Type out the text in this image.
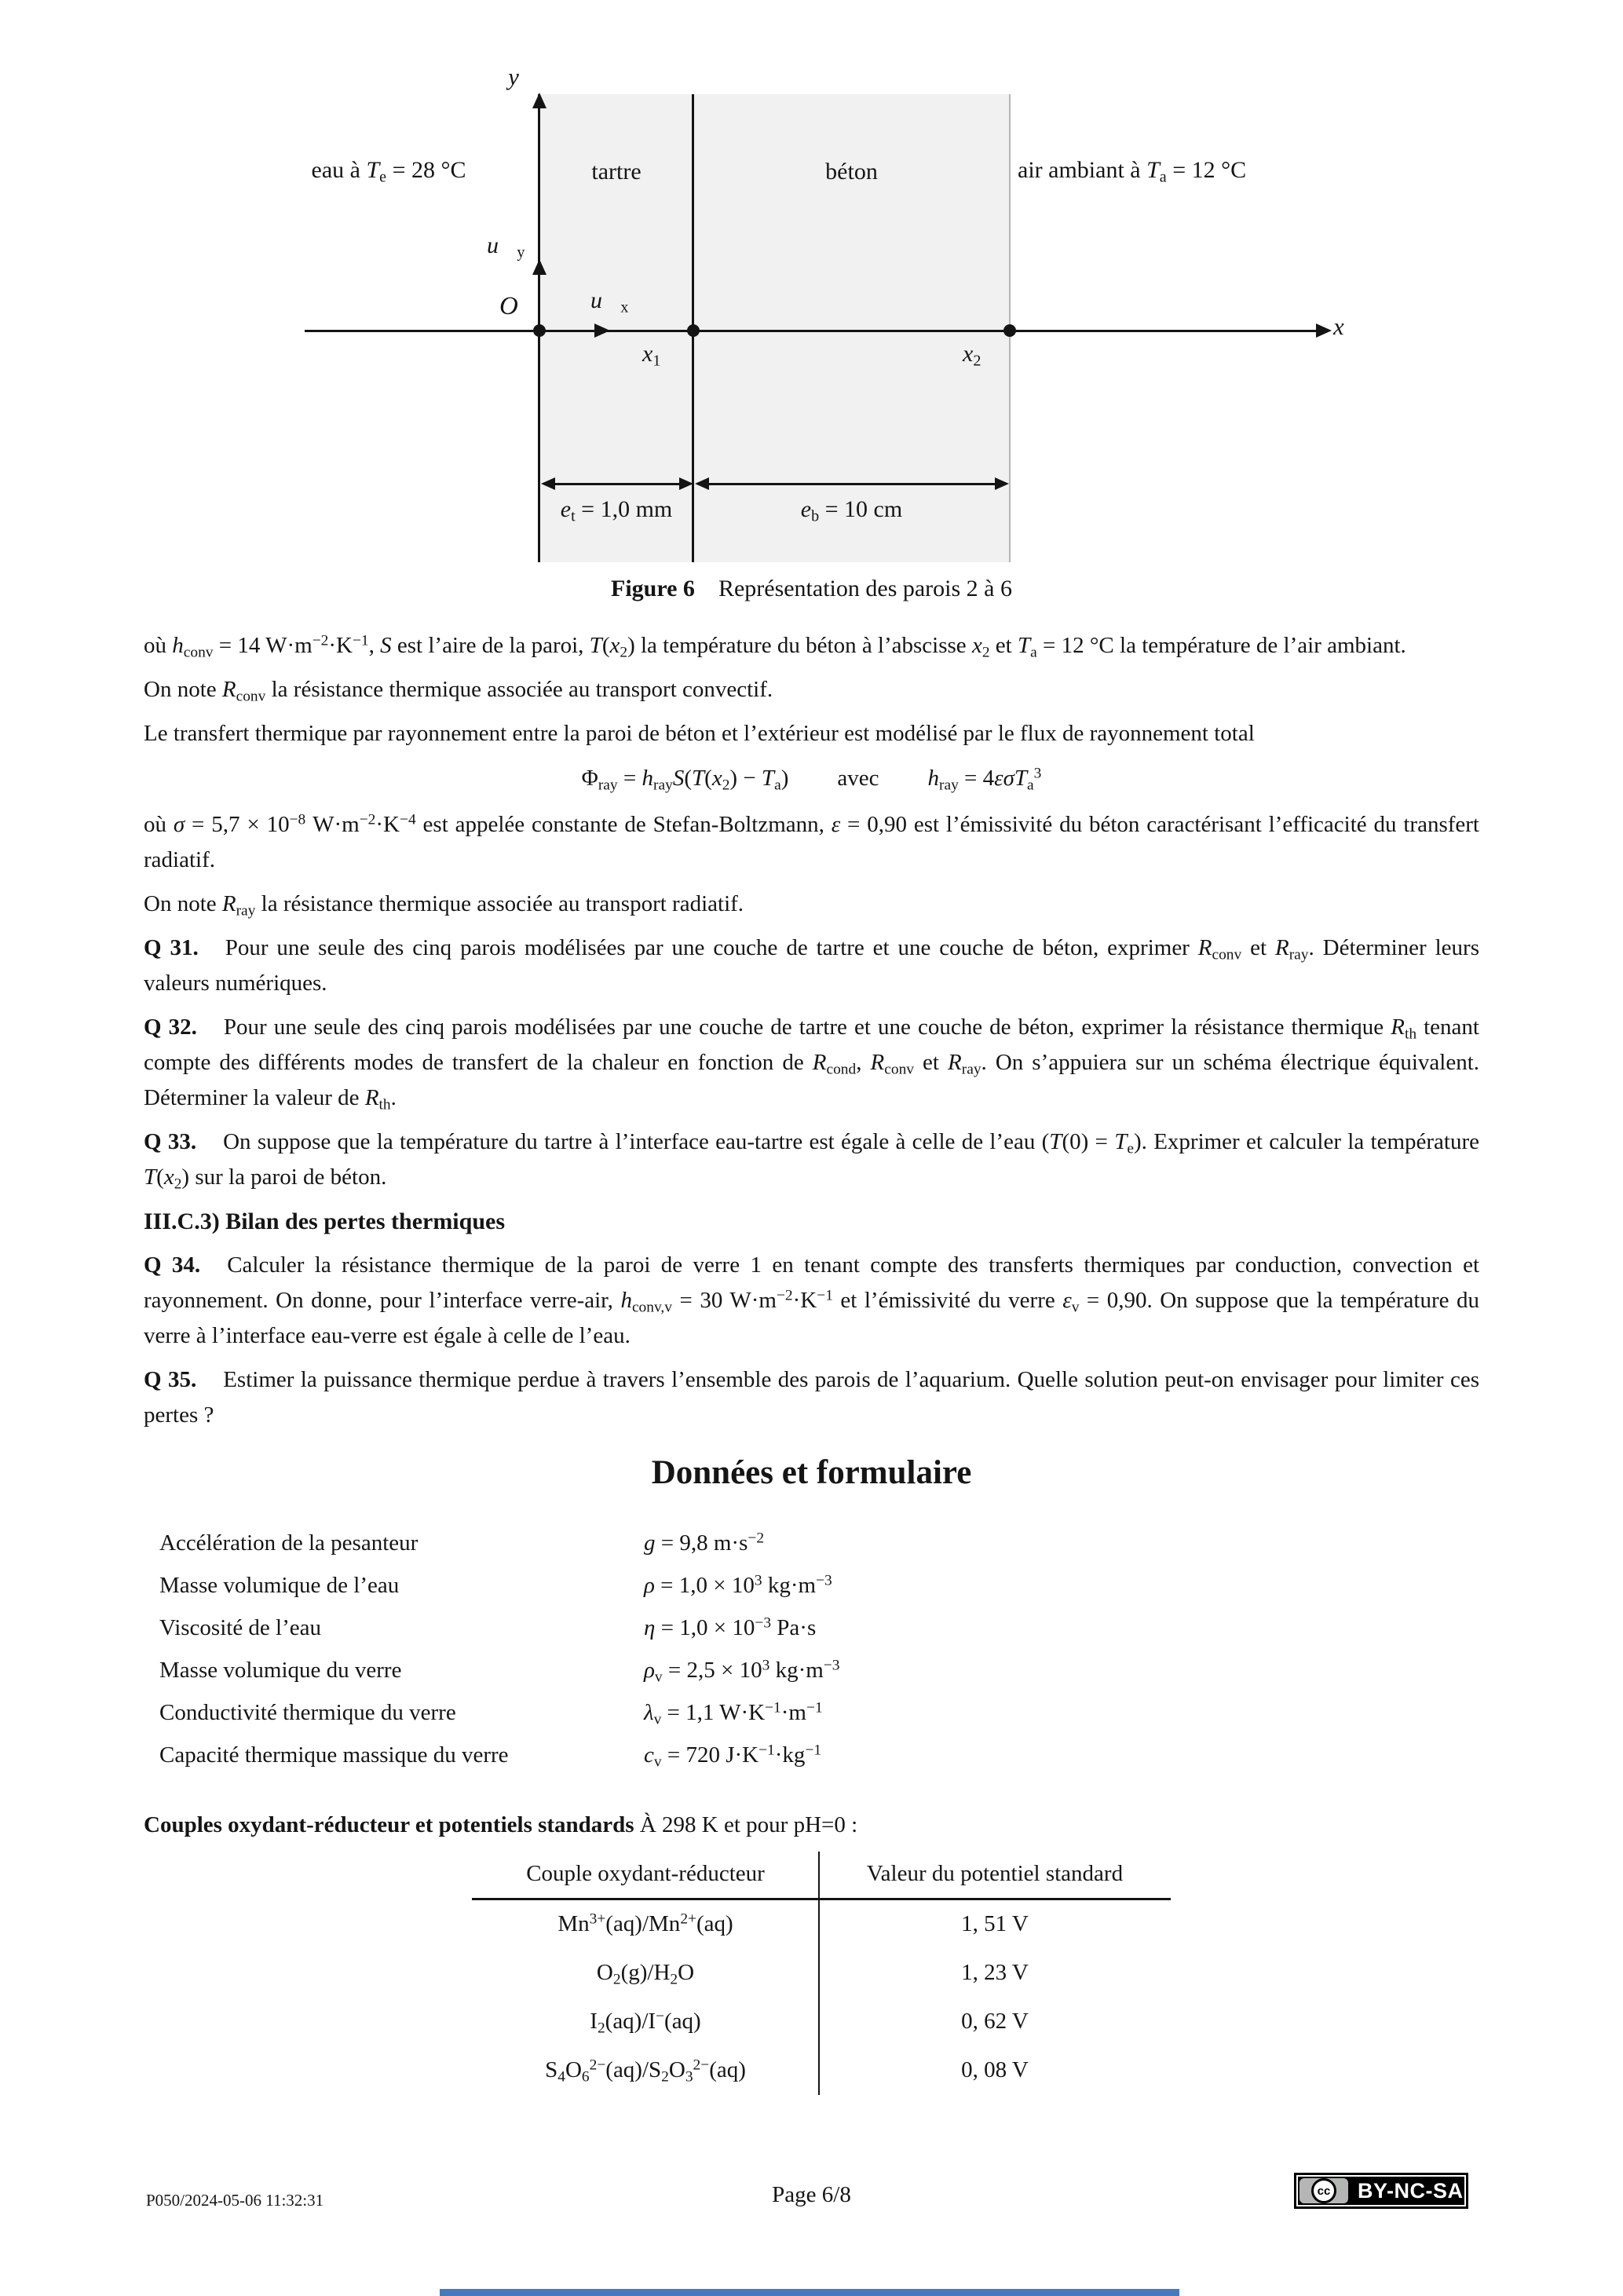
eau à $T_e = 28$ °C	tartre	béton	air ambiant à $T_a = 12$ °C
y
x
O
$u⃗_y$
$u⃗_x$
$x_1$	$x_2$
$e_t = 1,0$ mm	$e_b = 10$ cm
Figure 6 Représentation des parois 2 à 6

où $h_{conv} = 14$ $W\cdot m^{-2}\cdot K^{-1}$, S est l’aire de la paroi, $T(x_2)$ la température du béton à l’abscisse $x_2$ et $T_a = 12$ °C la température de l’air ambiant.

On note $R_{conv}$ la résistance thermique associée au transport convectif.

Le transfert thermique par rayonnement entre la paroi de béton et l’extérieur est modélisé par le flux de rayonnement total

$\Phi_{ray} = h_{ray}S(T(x_2) - T_a)$ avec $h_{ray} = 4\varepsilon\sigma T_a^3$

où $\sigma = 5,7 \times 10^{-8}$ $W\cdot m^{-2}\cdot K^{-4}$ est appelée constante de Stefan-Boltzmann, ε = 0,90 est l’émissivité du béton caractérisant l’efficacité du transfert radiatif.

On note $R_{ray}$ la résistance thermique associée au transport radiatif.

Q 31. Pour une seule des cinq parois modélisées par une couche de tartre et une couche de béton, exprimer $R_{conv}$ et $R_{ray}$. Déterminer leurs valeurs numériques.

Q 32. Pour une seule des cinq parois modélisées par une couche de tartre et une couche de béton, exprimer la résistance thermique $R_{th}$ tenant compte des différents modes de transfert de la chaleur en fonction de $R_{cond}$, $R_{conv}$ et $R_{ray}$. On s’appuiera sur un schéma électrique équivalent. Déterminer la valeur de $R_{th}$.

Q 33. On suppose que la température du tartre à l’interface eau-tartre est égale à celle de l’eau $(T(0) = T_e)$. Exprimer et calculer la température $T(x_2)$ sur la paroi de béton.

III.C.3) Bilan des pertes thermiques

Q 34. Calculer la résistance thermique de la paroi de verre 1 en tenant compte des transferts thermiques par conduction, convection et rayonnement. On donne, pour l’interface verre-air, $h_{conv,v} = 30$ $W\cdot m^{-2}\cdot K^{-1}$ et l’émissivité du verre $\varepsilon_v = 0,90$. On suppose que la température du verre à l’interface eau-verre est égale à celle de l’eau.

Q 35. Estimer la puissance thermique perdue à travers l’ensemble des parois de l’aquarium. Quelle solution peut-on envisager pour limiter ces pertes ?

Données et formulaire
Accélération de la pesanteur	g = 9,8 $m\cdot s^{-2}$
Masse volumique de l’eau	$\rho = 1,0 \times 10^3$ $kg\cdot m^{-3}$
Viscosité de l’eau	$\eta = 1,0 \times 10^{-3}$ Pa·s
Masse volumique du verre	$\rho_v = 2,5 \times 10^3$ $kg\cdot m^{-3}$
Conductivité thermique du verre	$\lambda_v = 1,1$ $W\cdot K^{-1}\cdot m^{-1}$
Capacité thermique massique du verre	$c_v = 720$ $J\cdot K^{-1}\cdot kg^{-1}$

Couples oxydant-réducteur et potentiels standards À 298 K et pour pH=0 :

Couple oxydant-réducteur	Valeur du potentiel standard
$Mn^{3+}(aq)/Mn^{2+}(aq)$	1, 51 V
$O_2(g)/H_2O$	1, 23 V
$I_2(aq)/I^-(aq)$	0, 62 V
$S_4O_6^{2-}(aq)/S_2O_3^{2-}(aq)$	0, 08 V
P050/2024-05-06 11:32:31	Page 6/8	cc BY-NC-SA
